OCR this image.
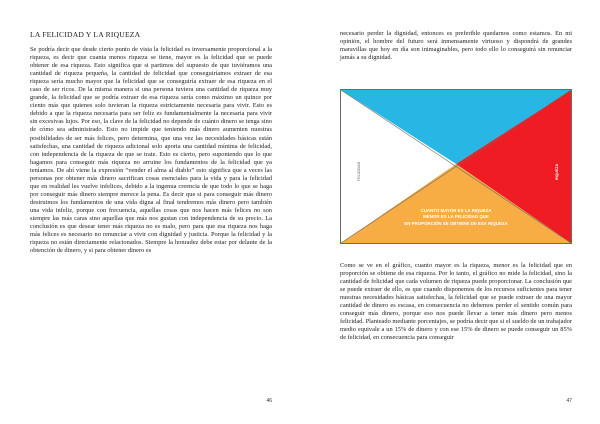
LA FELICIDAD Y LA RIQUEZA

Se podría decir que desde cierto punto de vista la felicidad es inversamente proporcional a la riqueza, es decir que cuanta menos riqueza se tiene, mayor es la felicidad que se puede obtener de esa riqueza. Esto significa que si partimos del supuesto de que tuviéramos una cantidad de riqueza pequeña, la cantidad de felicidad que conseguiríamos extraer de esa riqueza sería mucho mayor que la felicidad que se conseguiría extraer de esa riqueza en el caso de ser ricos. De la misma manera si una persona tuviera una cantidad de riqueza muy grande, la felicidad que se podría extraer de esa riqueza sería como máximo un quince por ciento más que quienes solo tuvieran la riqueza estrictamente necesaria para vivir. Esto es debido a que la riqueza necesaria para ser feliz es fundamentalmente la necesaria para vivir sin excesivas lujos. Por eso, la clave de la felicidad no depende de cuánto dinero se tenga sino de cómo sea administrado. Esto no impide que teniendo más dinero aumenten nuestras posibilidades de ser más felices, pero determina, que una vez las necesidades básicas están satisfechas, una cantidad de riqueza adicional solo aporta una cantidad mínima de felicidad, con independencia de la riqueza de que se trate. Esto es cierto, pero suponiendo que lo que hagamos para conseguir más riqueza no arruine los fundamentos de la felicidad que ya teníamos. De ahí viene la expresión “vender el alma al diablo” esto significa que a veces las personas por obtener más dinero sacrifican cosas esenciales para la vida y para la felicidad que en realidad les vuelve infelices, debido a la ingenua creencia de que todo lo que se haga por conseguir más dinero siempre merece la pena. Es decir que si para conseguir más dinero destruimos los fundamentos de una vida digna al final tendremos más dinero pero también una vida infeliz, porque con frecuencia, aquellas cosas que nos hacen más felices no son siempre las más caras sino aquellas que más nos gustan con independencia de su precio. La conclusión es que desear tener más riqueza no es malo, pero para que esa riqueza nos haga más felices es necesario no renunciar a vivir con dignidad y justicia. Porque la felicidad y la riqueza no están directamente relacionados. Siempre la honradez debe estar por delante de la obtención de dinero, y si para obtener dinero es

46

necesario perder la dignidad, entonces es preferible quedarnos como estamos. En mi opinión, el hombre del futuro será inmensamente virtuoso y dispondrá de grandes maravillas que hoy en día son inimaginables, pero todo ello lo conseguirá sin renunciar jamás a su dignidad.

FELICIDAD	RIQUEZA
CUANTO MAYOR ES LA RIQUEZA
MENOR ES LA FELICIDAD QUE
EN PROPORCIÓN SE OBTIENE DE ESA RIQUEZA

Como se ve en el gráfico, cuanto mayor es la riqueza, menor es la felicidad que en proporción se obtiene de esa riqueza. Por lo tanto, el gráfico no mide la felicidad, sino la cantidad de felicidad que cada volumen de riqueza puede proporcionar. La conclusión que se puede extraer de ello, es que cuando disponemos de los recursos suficientes para tener nuestras necesidades básicas satisfechas, la felicidad que se puede extraer de una mayor cantidad de dinero es escasa, en consecuencia no debemos perder el sentido común para conseguir más dinero, porque eso nos puede llevar a tener más dinero pero menos felicidad. Planteado mediante porcentajes, se podría decir que si el sueldo de un trabajador medio equivale a un 15% de dinero y con ese 15% de dinero se puede conseguir un 85% de felicidad, en consecuencia para conseguir

47
